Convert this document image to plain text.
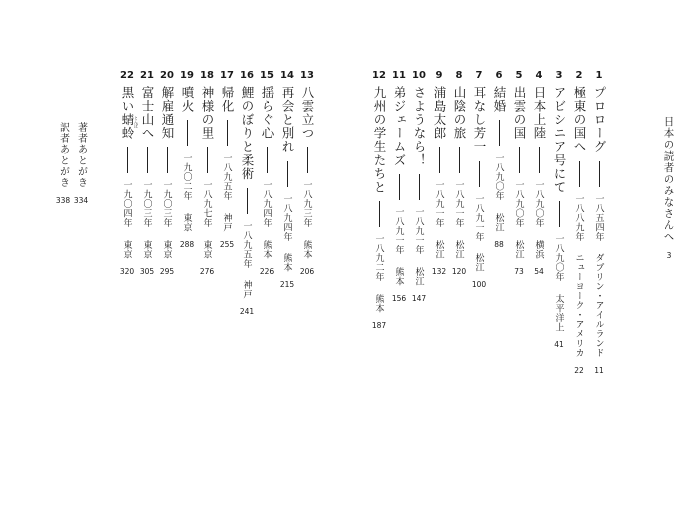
日本の読者のみなさんへ
3
1
プロローグ

一八五四年
ダブリン・アイルランド
11
2
極東の国へ

一八八九年
ニューヨーク・アメリカ
22
3
アビシニア号にて

一八九〇年
太平洋上
41
4
日本上陸

一八九〇年
横浜
54
5
出雲の国

一八九〇年
松江
73
6
結婚

一八九〇年
松江
88
7
耳なし芳一

一八九一年
松江
100
8
山陰の旅

一八九一年
松江
120
9
浦島太郎

一八九一年
松江
132
10
さようなら！

一八九一年
松江
147
11
弟ジェームズ

一八九一年
熊本
156
12
九州の学生たちと

一八九二年
熊本
187
13
八雲立つ

一八九三年
熊本
206
14
再会と別れ

一八九四年
熊本
215
15
揺らぐ心

一八九四年
熊本
226
16
鯉のぼりと柔術

一八九五年
神戸
241
17
帰化

一八九五年
神戸
255
18
神様の里

一八九七年
東京
276
19
噴火

一九〇二年
東京
288
20
解雇通知

一九〇三年
東京
295
21
富士山へ

一九〇三年
東京
305
22
黒い蜻蛉 とんぼ

一九〇四年
東京
320
著者あとがき
334
訳者あとがき
338
